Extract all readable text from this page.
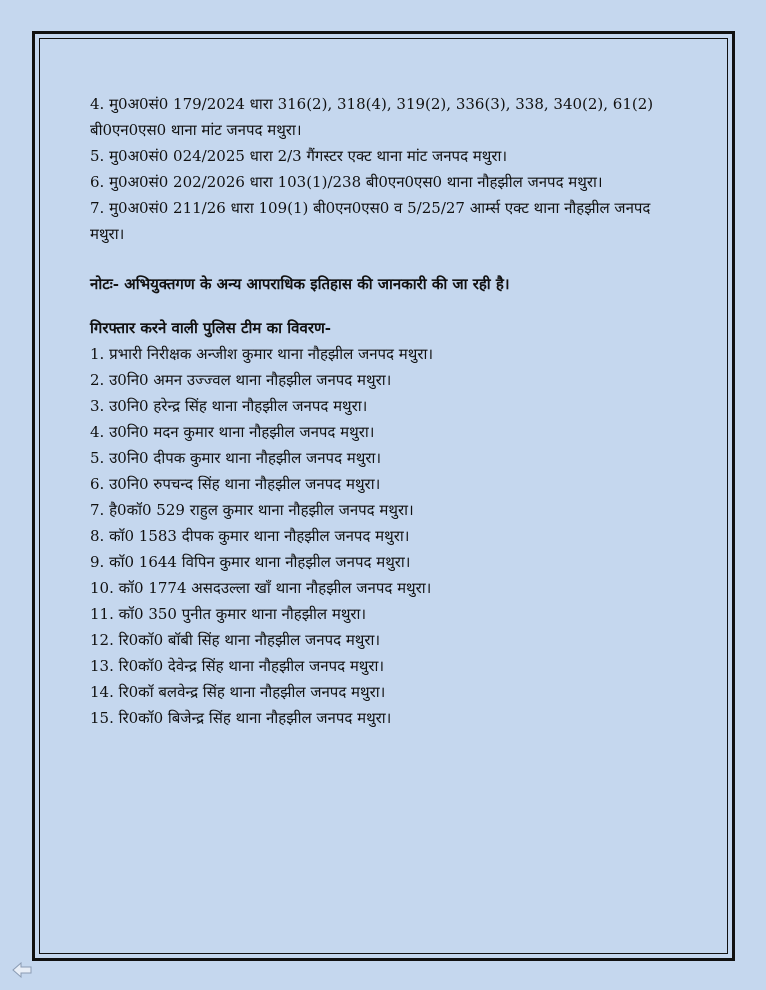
4. मु0अ0सं0 179/2024 धारा 316(2), 318(4), 319(2), 336(3), 338, 340(2), 61(2) बी0एन0एस0 थाना मांट जनपद मथुरा।
5. मु0अ0सं0 024/2025 धारा 2/3 गैंगस्टर एक्ट थाना मांट जनपद मथुरा।
6. मु0अ0सं0 202/2026 धारा 103(1)/238 बी0एन0एस0 थाना नौहझील जनपद मथुरा।
7. मु0अ0सं0 211/26 धारा 109(1) बी0एन0एस0 व 5/25/27 आर्म्स एक्ट थाना नौहझील जनपद मथुरा।
नोटः- अभियुक्तगण के अन्य आपराधिक इतिहास की जानकारी की जा रही है।
गिरफ्तार करने वाली पुलिस टीम का विवरण-
1. प्रभारी निरीक्षक अन्जीश कुमार थाना नौहझील जनपद मथुरा।
2. उ0नि0 अमन उज्ज्वल थाना नौहझील जनपद मथुरा।
3. उ0नि0 हरेन्द्र सिंह थाना नौहझील जनपद मथुरा।
4. उ0नि0 मदन कुमार थाना नौहझील जनपद मथुरा।
5. उ0नि0 दीपक कुमार थाना नौहझील जनपद मथुरा।
6. उ0नि0 रुपचन्द सिंह थाना नौहझील जनपद मथुरा।
7. है0कॉ0 529 राहुल कुमार थाना नौहझील जनपद मथुरा।
8. कॉ0 1583 दीपक कुमार थाना नौहझील जनपद मथुरा।
9. कॉ0 1644 विपिन कुमार थाना नौहझील जनपद मथुरा।
10. कॉ0 1774 असदउल्ला खाँ थाना नौहझील जनपद मथुरा।
11. कॉ0 350 पुनीत कुमार थाना नौहझील मथुरा।
12. रि0कॉ0 बॉबी सिंह थाना नौहझील जनपद मथुरा।
13. रि0कॉ0 देवेन्द्र सिंह थाना नौहझील जनपद मथुरा।
14. रि0कॉ बलवेन्द्र सिंह थाना नौहझील जनपद मथुरा।
15. रि0कॉ0 बिजेन्द्र सिंह थाना नौहझील जनपद मथुरा।
